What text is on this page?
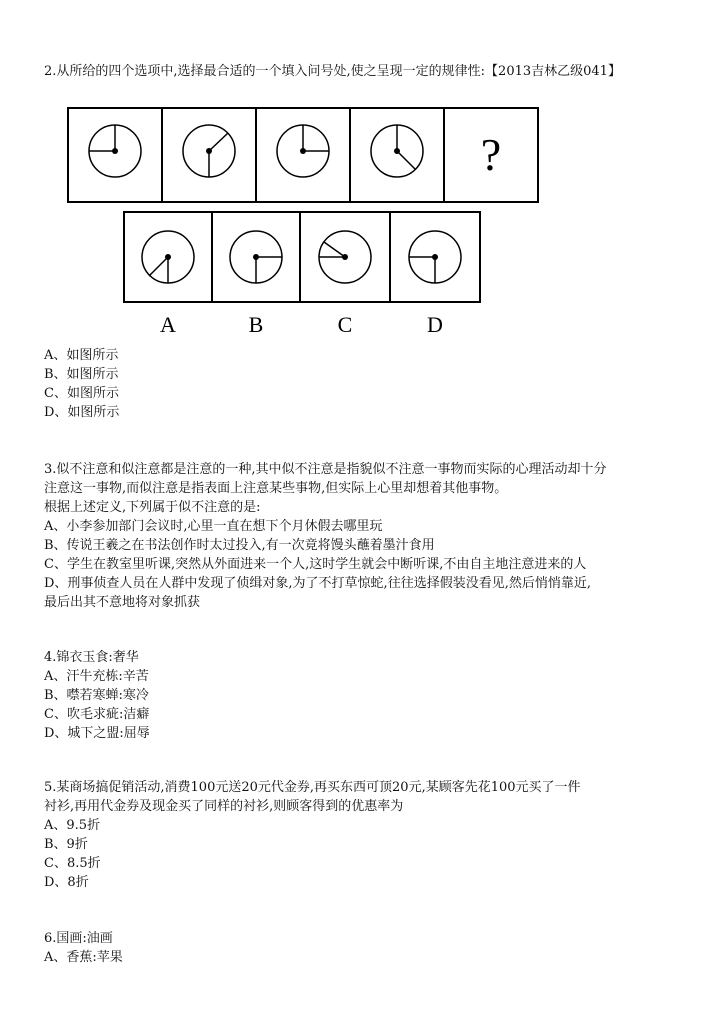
2.从所给的四个选项中,选择最合适的一个填入问号处,使之呈现一定的规律性:【2013吉林乙级041】
?
A	B	C	D
A、如图所示
B、如图所示
C、如图所示
D、如图所示
3.似不注意和似注意都是注意的一种,其中似不注意是指貌似不注意一事物而实际的心理活动却十分
注意这一事物,而似注意是指表面上注意某些事物,但实际上心里却想着其他事物。
根据上述定义,下列属于似不注意的是:
A、小李参加部门会议时,心里一直在想下个月休假去哪里玩
B、传说王羲之在书法创作时太过投入,有一次竟将馒头蘸着墨汁食用
C、学生在教室里听课,突然从外面进来一个人,这时学生就会中断听课,不由自主地注意进来的人
D、刑事侦查人员在人群中发现了侦缉对象,为了不打草惊蛇,往往选择假装没看见,然后悄悄靠近,
最后出其不意地将对象抓获
4.锦衣玉食:奢华
A、汗牛充栋:辛苦
B、噤若寒蝉:寒冷
C、吹毛求疵:洁癖
D、城下之盟:屈辱
5.某商场搞促销活动,消费100元送20元代金券,再买东西可顶20元,某顾客先花100元买了一件
衬衫,再用代金券及现金买了同样的衬衫,则顾客得到的优惠率为
A、9.5折
B、9折
C、8.5折
D、8折
6.国画:油画
A、香蕉:苹果
